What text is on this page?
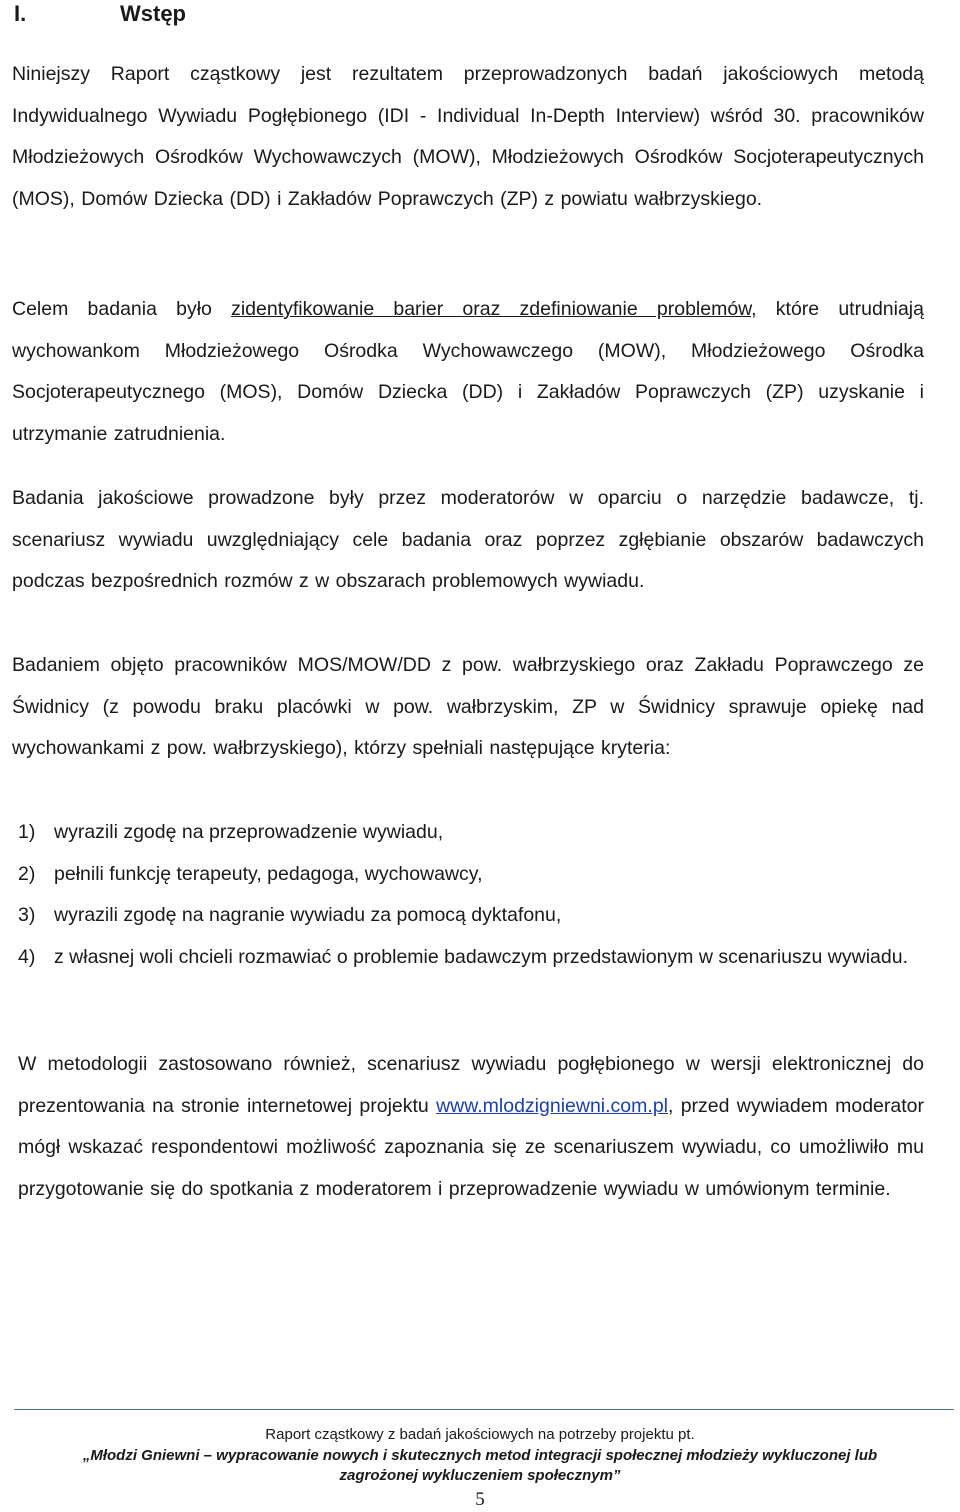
I.	Wstęp

Niniejszy Raport cząstkowy jest rezultatem przeprowadzonych badań jakościowych metodą Indywidualnego Wywiadu Pogłębionego (IDI - Individual In-Depth Interview) wśród 30. pracowników Młodzieżowych Ośrodków Wychowawczych (MOW), Młodzieżowych Ośrodków Socjoterapeutycznych (MOS), Domów Dziecka (DD) i Zakładów Poprawczych (ZP) z powiatu wałbrzyskiego.

Celem badania było zidentyfikowanie barier oraz zdefiniowanie problemów, które utrudniają wychowankom Młodzieżowego Ośrodka Wychowawczego (MOW), Młodzieżowego Ośrodka Socjoterapeutycznego (MOS), Domów Dziecka (DD) i Zakładów Poprawczych (ZP) uzyskanie i utrzymanie zatrudnienia.

Badania jakościowe prowadzone były przez moderatorów w oparciu o narzędzie badawcze, tj. scenariusz wywiadu uwzględniający cele badania oraz poprzez zgłębianie obszarów badawczych podczas bezpośrednich rozmów z w obszarach problemowych wywiadu.

Badaniem objęto pracowników MOS/MOW/DD z pow. wałbrzyskiego oraz Zakładu Poprawczego ze Świdnicy (z powodu braku placówki w pow. wałbrzyskim, ZP w Świdnicy sprawuje opiekę nad wychowankami z pow. wałbrzyskiego), którzy spełniali następujące kryteria:

1) wyrazili zgodę na przeprowadzenie wywiadu,
2) pełnili funkcję terapeuty, pedagoga, wychowawcy,
3) wyrazili zgodę na nagranie wywiadu za pomocą dyktafonu,
4) z własnej woli chcieli rozmawiać o problemie badawczym przedstawionym w scenariuszu wywiadu.

W metodologii zastosowano również, scenariusz wywiadu pogłębionego w wersji elektronicznej do prezentowania na stronie internetowej projektu www.mlodzigniewni.com.pl, przed wywiadem moderator mógł wskazać respondentowi możliwość zapoznania się ze scenariuszem wywiadu, co umożliwiło mu przygotowanie się do spotkania z moderatorem i przeprowadzenie wywiadu w umówionym terminie.

Raport cząstkowy z badań jakościowych na potrzeby projektu pt.

„Młodzi Gniewni – wypracowanie nowych i skutecznych metod integracji społecznej młodzieży wykluczonej lub

zagrożonej wykluczeniem społecznym”

5
